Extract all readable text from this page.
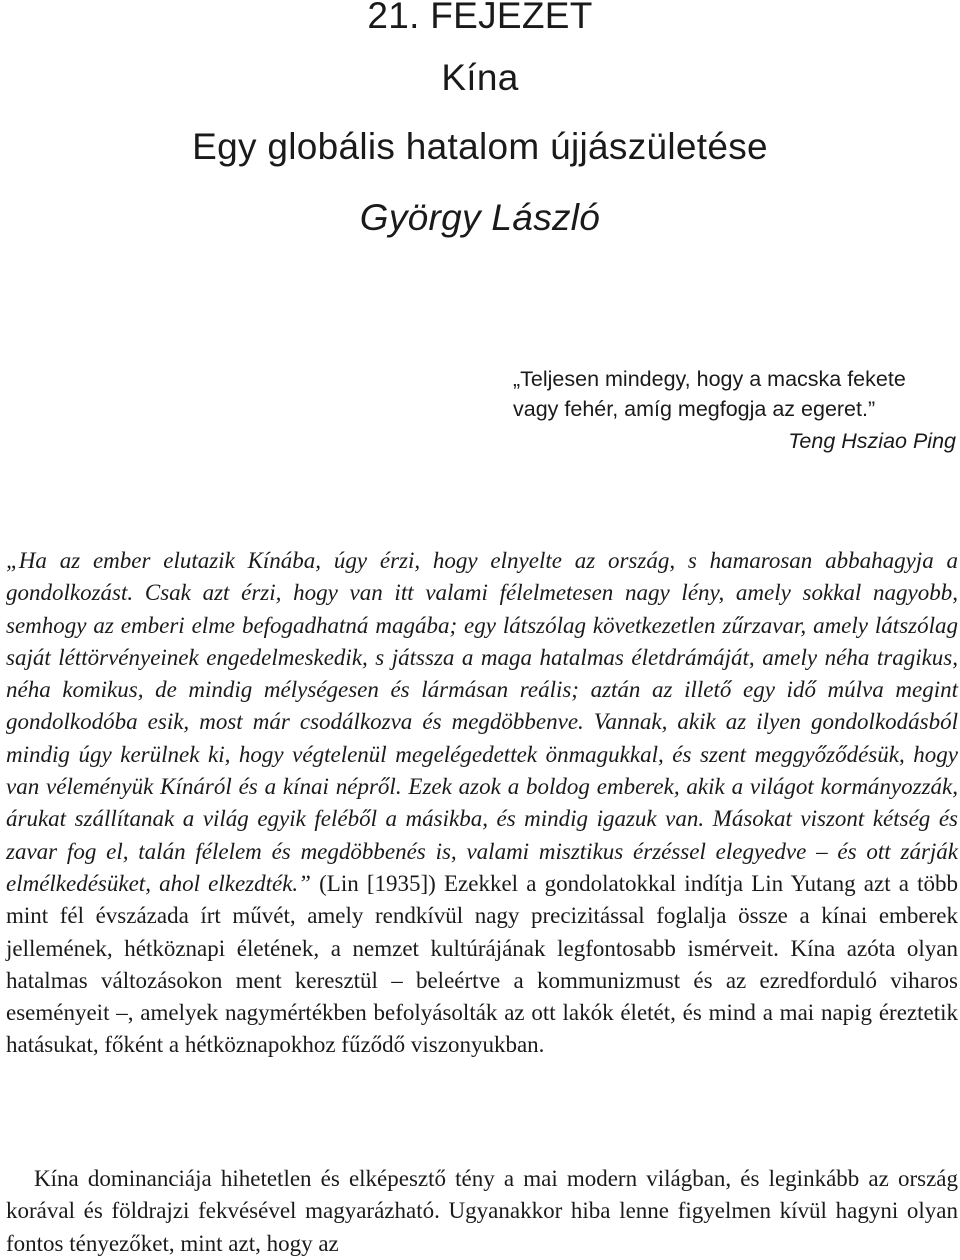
21. FEJEZET
Kína
Egy globális hatalom újjászületése
György László
„Teljesen mindegy, hogy a macska fekete
vagy fehér, amíg megfogja az egeret.”
Teng Hsziao Ping

„Ha az ember elutazik Kínába, úgy érzi, hogy elnyelte az ország, s hamarosan abbahagyja a gondolkozást. Csak azt érzi, hogy van itt valami félelmetesen nagy lény, amely sokkal nagyobb, semhogy az emberi elme befogadhatná magába; egy látszólag következetlen zűrzavar, amely látszólag saját léttörvényeinek engedelmeskedik, s játssza a maga hatalmas életdrámáját, amely néha tragikus, néha komikus, de mindig mélységesen és lármásan reális; aztán az illető egy idő múlva megint gondolkodóba esik, most már csodálkozva és megdöbbenve. Vannak, akik az ilyen gondolkodásból mindig úgy kerülnek ki, hogy végtelenül megelégedettek önmagukkal, és szent meggyőződésük, hogy van véleményük Kínáról és a kínai népről. Ezek azok a boldog emberek, akik a világot kormányozzák, árukat szállítanak a világ egyik feléből a másikba, és mindig igazuk van. Másokat viszont kétség és zavar fog el, talán félelem és megdöbbenés is, valami misztikus érzéssel elegyedve – és ott zárják elmélkedésüket, ahol elkezdték.” (Lin [1935]) Ezekkel a gondolatokkal indítja Lin Yutang azt a több mint fél évszázada írt művét, amely rendkívül nagy precizitással foglalja össze a kínai emberek jellemének, hétköznapi életének, a nemzet kultúrájának legfontosabb ismérveit. Kína azóta olyan hatalmas változásokon ment keresztül – beleértve a kommunizmust és az ezredforduló viharos eseményeit –, amelyek nagymértékben befolyásolták az ott lakók életét, és mind a mai napig éreztetik hatásukat, főként a hétköznapokhoz fűződő viszonyukban.

Kína dominanciája hihetetlen és elképesztő tény a mai modern világban, és leginkább az ország korával és földrajzi fekvésével magyarázható. Ugyanakkor hiba lenne figyelmen kívül hagyni olyan fontos tényezőket, mint azt, hogy az
